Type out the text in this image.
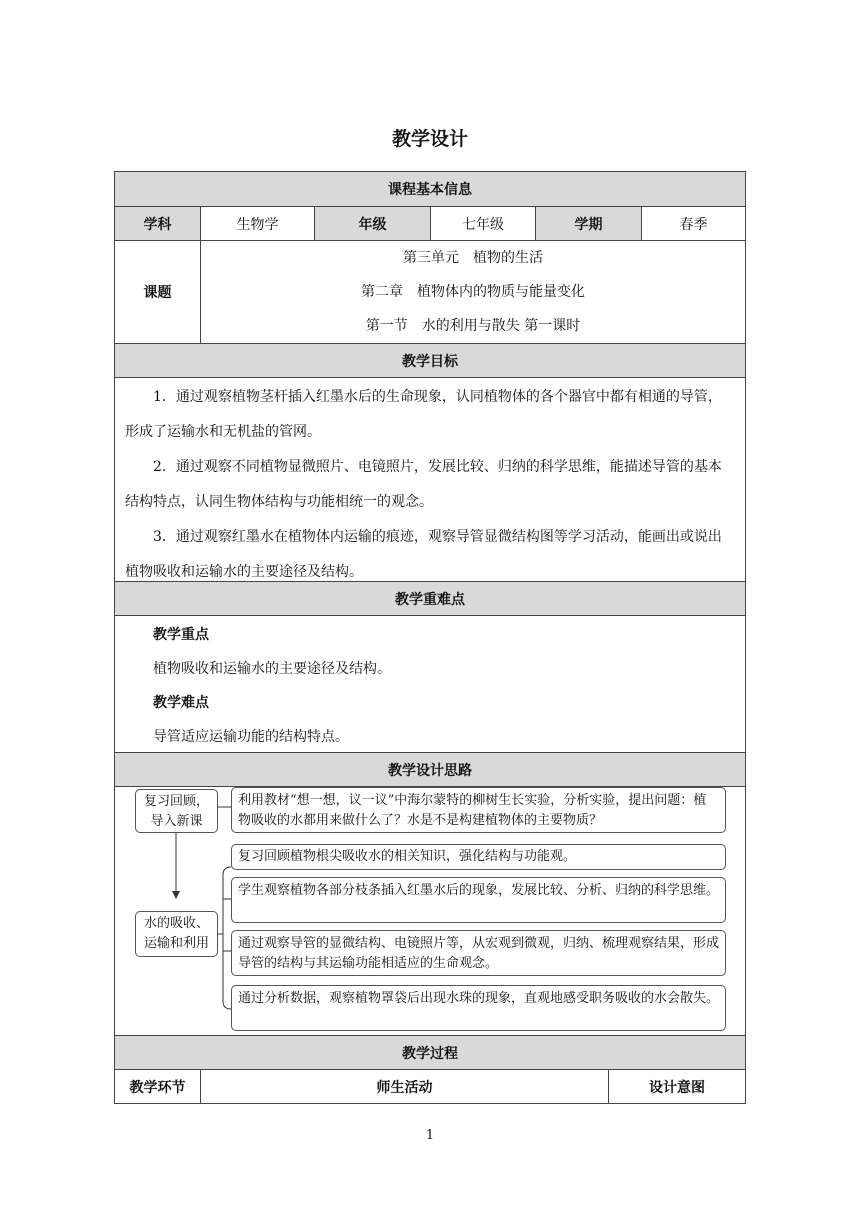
教学设计
课程基本信息
学科	生物学	年级	七年级	学期	春季
课题
第三单元　植物的生活
第二章　植物体内的物质与能量变化
第一节　水的利用与散失 第一课时
教学目标

1．通过观察植物茎杆插入红墨水后的生命现象，认同植物体的各个器官中都有相通的导管，形成了运输水和无机盐的管网。

2．通过观察不同植物显微照片、电镜照片，发展比较、归纳的科学思维，能描述导管的基本结构特点，认同生物体结构与功能相统一的观念。

3．通过观察红墨水在植物体内运输的痕迹，观察导管显微结构图等学习活动，能画出或说出植物吸收和运输水的主要途径及结构。

教学重难点
教学重点
植物吸收和运输水的主要途径及结构。
教学难点
导管适应运输功能的结构特点。
教学设计思路
复习回顾，导入新课
利用教材“想一想，议一议”中海尔蒙特的柳树生长实验，分析实验，提出问题：植物吸收的水都用来做什么了？水是不是构建植物体的主要物质？
水的吸收、运输和利用
复习回顾植物根尖吸收水的相关知识，强化结构与功能观。
学生观察植物各部分枝条插入红墨水后的现象，发展比较、分析、归纳的科学思维。
通过观察导管的显微结构、电镜照片等，从宏观到微观，归纳、梳理观察结果，形成导管的结构与其运输功能相适应的生命观念。
通过分析数据，观察植物罩袋后出现水珠的现象，直观地感受职务吸收的水会散失。
教学过程
教学环节	师生活动	设计意图
1
